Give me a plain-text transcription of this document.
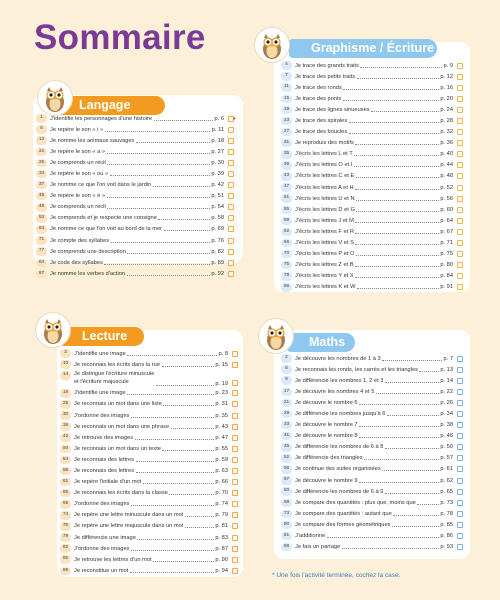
Sommaire
Langage
1	J'identifie les personnages d'une histoire	p. 6
6	Je repère le son « i »	p. 11
13	Je nomme les animaux sauvages	p. 18
22	Je repère le son « a »	p. 27
25	Je comprends un récit	p. 30
34	Je repère le son « ou »	p. 39
37	Je nomme ce que l'on voit dans le jardin	p. 42
46	Je repère le son « é »	p. 51
49	Je comprends un récit	p. 54
53	Je comprends et je respecte une consigne	p. 58
64	Je nomme ce que l'on voit au bord de la mer	p. 69
71	Je compte des syllabes	p. 76
77	Je comprends une description	p. 82
84	Je code des syllabes	p. 89
87	Je nomme les verbes d'action	p. 92
*
Graphisme / Écriture
4	Je trace des grands traits	p. 9
7	Je trace des petits traits	p. 12
11	Je trace des ronds	p. 16
15	Je trace des ponts	p. 20
19	Je trace des lignes sinueuses	p. 24
23	Je trace des spirales	p. 28
27	Je trace des boucles	p. 32
31	Je reproduis des motifs	p. 36
35	J'écris les lettres L et T	p. 40
39	J'écris les lettres O et I	p. 44
43	J'écris les lettres C et E	p. 48
47	J'écris les lettres A et H	p. 52
51	J'écris les lettres U et N	p. 56
55	J'écris les lettres D et G	p. 60
59	J'écris les lettres J et M	p. 64
62	J'écris les lettres F et R	p. 67
66	J'écris les lettres V et S	p. 71
70	J'écris les lettres P et O	p. 75
75	J'écris les lettres Z et B	p. 80
79	J'écris les lettres Y et X	p. 84
86	J'écris les lettres K et W	p. 91
Lecture
3	J'identifie une image	p. 8
10	Je reconnais les écrits dans la rue	p. 15
14	Je distingue l'écriture minuscule
et l'écriture majuscule	p. 19
18	J'identifie une image	p. 23
26	Je reconnais un mot dans une liste	p. 31
30	J'ordonne des images	p. 35
38	Je reconnais un mot dans une phrase	p. 43
42	Je retrouve des images	p. 47
50	Je reconnais un mot dans un texte	p. 55
54	Je reconnais des lettres	p. 59
58	Je reconnais des lettres	p. 63
61	Je repère l'initiale d'un mot	p. 66
65	Je reconnais les écrits dans la classe	p. 70
69	J'ordonne des images	p. 74
74	Je repère une lettre minuscule dans un mot	p. 79
76	Je repère une lettre majuscule dans un mot	p. 81
78	Je différencie une image	p. 83
82	J'ordonne des images	p. 87
85	Je retrouve les lettres d'un mot	p. 90
89	Je reconstitue un mot	p. 94
Maths
2	Je découvre les nombres de 1 à 3	p. 7
8	Je reconnais les ronds, les carrés et les triangles	p. 13
9	Je différencie les nombres 1, 2 et 3	p. 14
17	Je découvre les nombres 4 et 5	p. 22
21	Je découvre le nombre 6	p. 26
29	Je différencie les nombres jusqu'à 6	p. 34
33	Je découvre le nombre 7	p. 38
41	Je découvre le nombre 8	p. 46
45	Je différencie les nombres de 6 à 8	p. 50
52	Je différencie des triangles	p. 57
56	Je continue des suites organisées	p. 61
57	Je découvre le nombre 9	p. 62
60	Je différencie les nombres de 6 à 9	p. 65
68	Je compare des quantités : plus que, moins que	p. 73
73	Je compare des quantités : autant que	p. 78
80	Je compare des formes géométriques	p. 85
81	J'additionne	p. 86
88	Je fais un partage	p. 93
* Une fois l'activité terminée, cochez la case.
